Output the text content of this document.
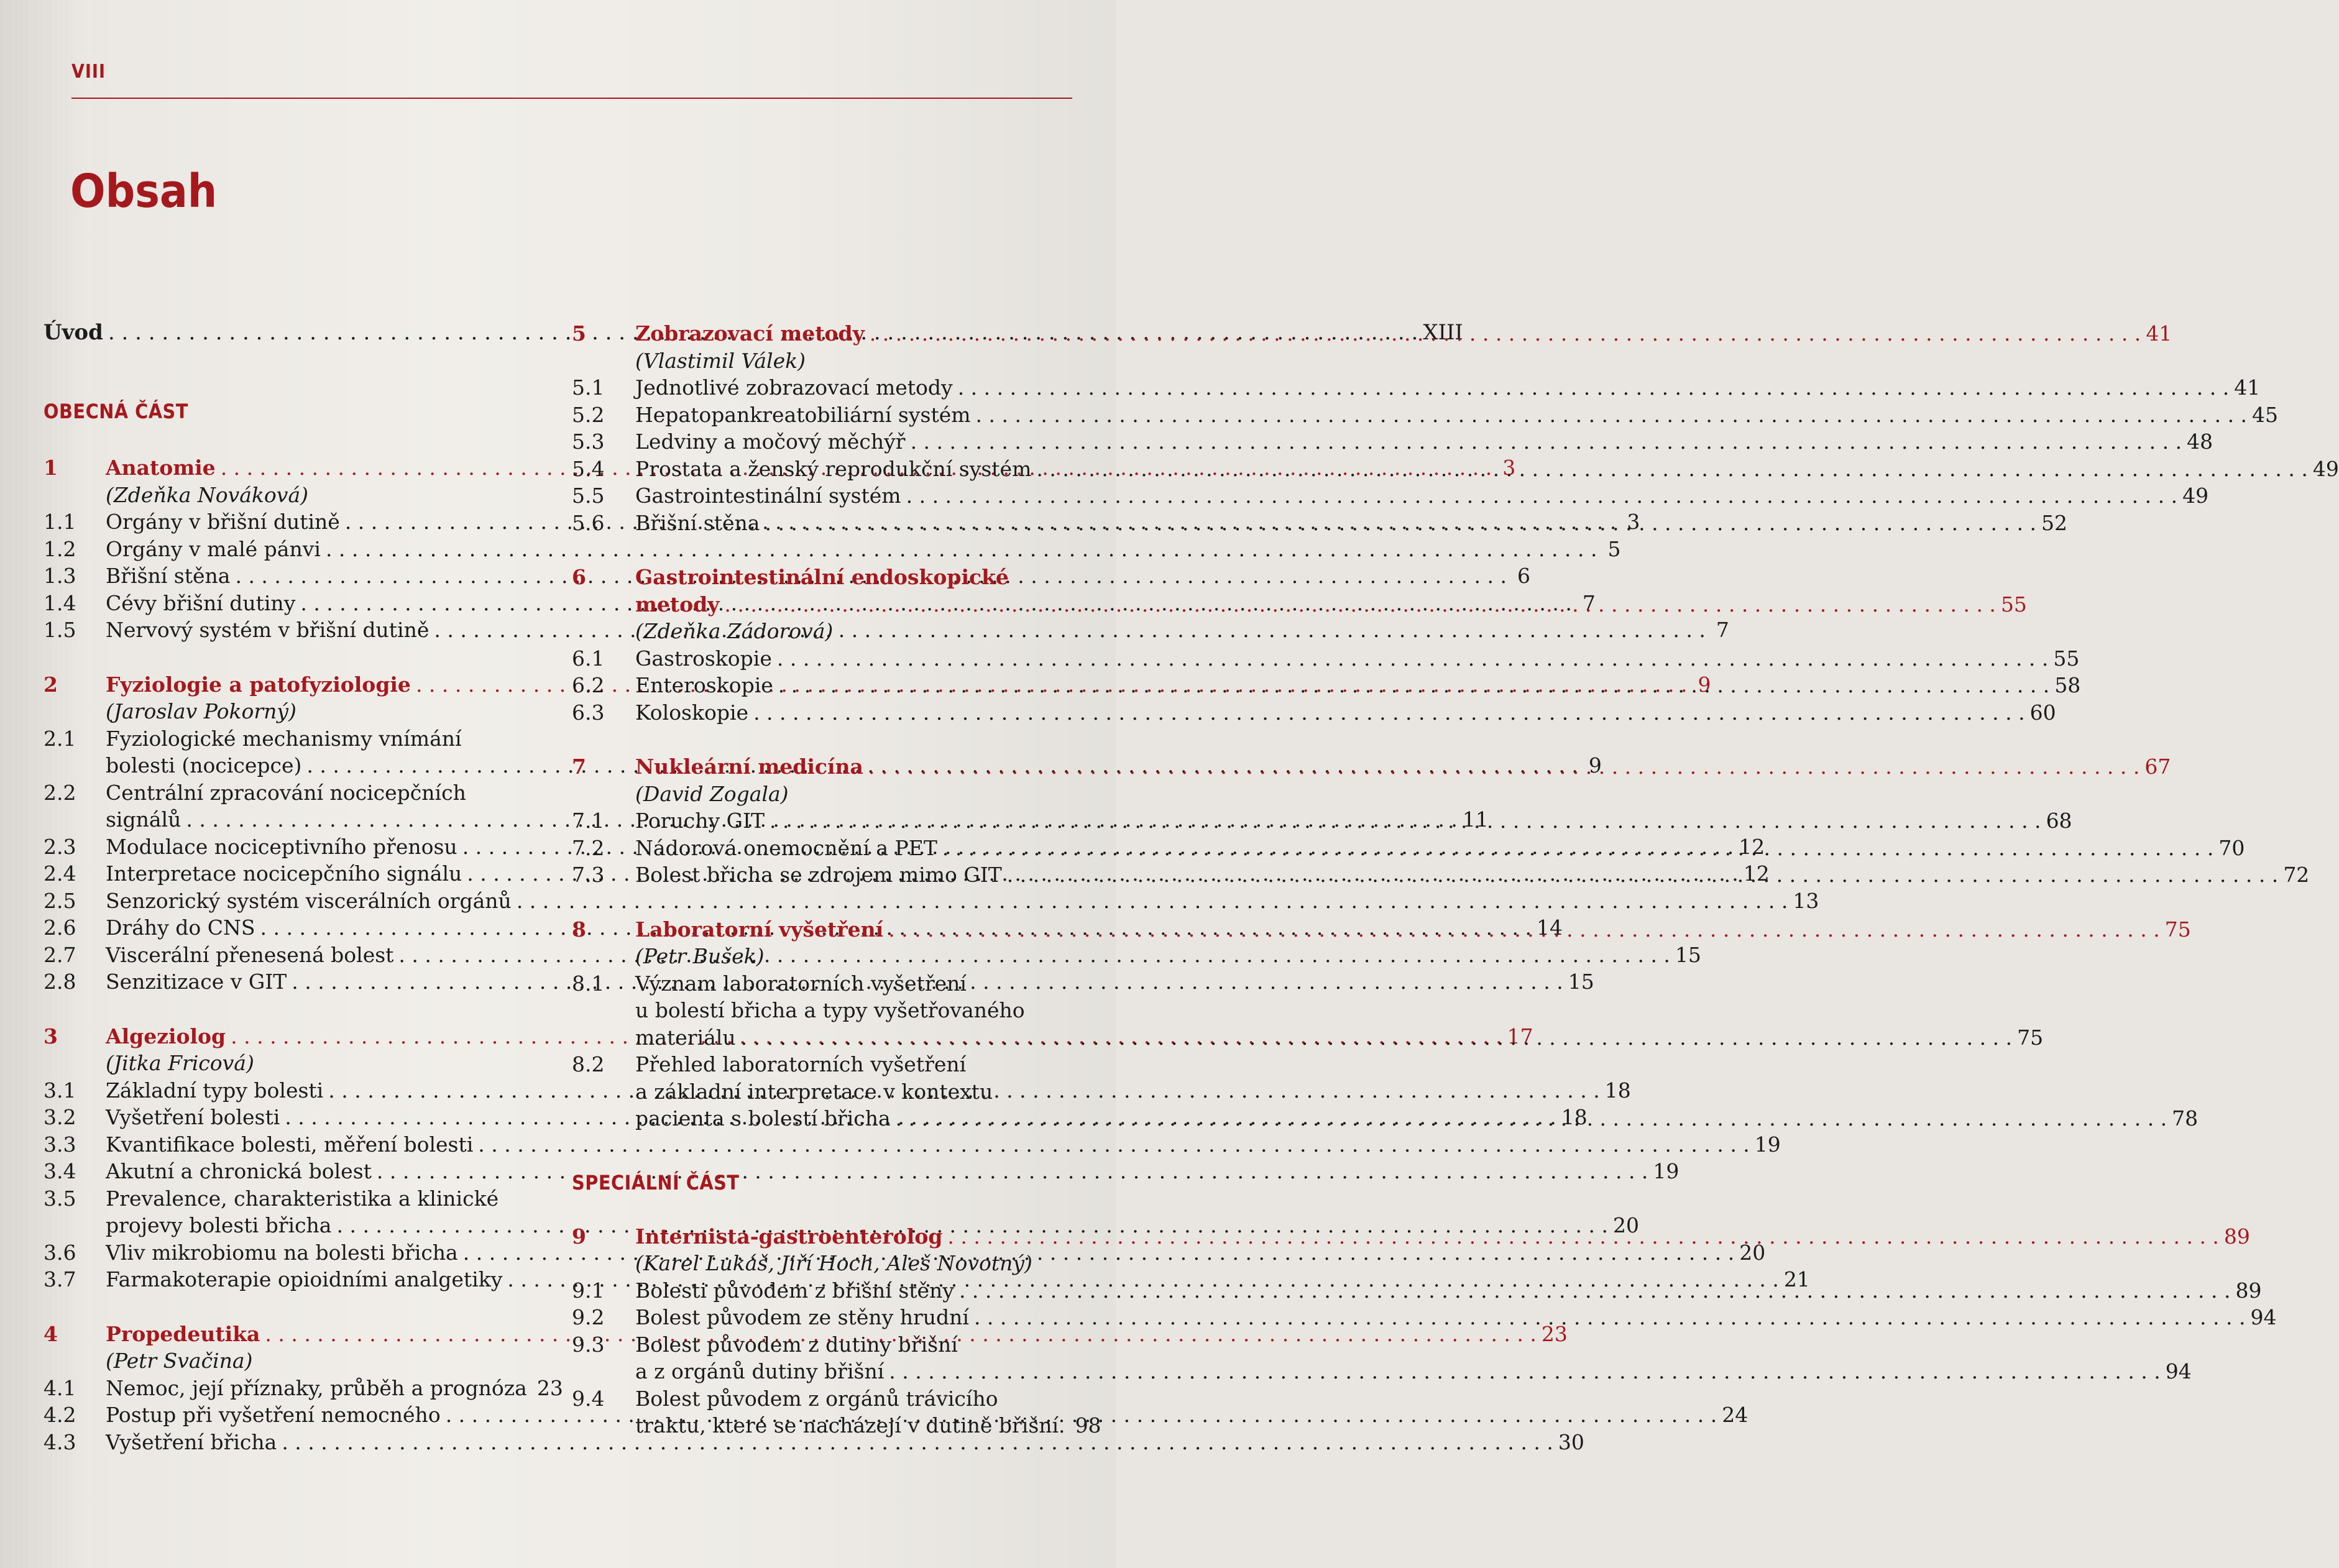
VIII
Obsah
Úvod . . .	XIII
OBECNÁ ČÁST
1	Anatomie . . .	3
(Zdeňka Nováková)
1.1	Orgány v břišní dutině . . .	3
1.2	Orgány v malé pánvi . . .	5
1.3	Břišní stěna . . .	6
1.4	Cévy břišní dutiny . . .	7
1.5	Nervový systém v břišní dutině . . .	7
2	Fyziologie a patofyziologie . . .	9
(Jaroslav Pokorný)
2.1	Fyziologické mechanismy vnímání
bolesti (nocicepce) . . .	9
2.2	Centrální zpracování nocicepčních
signálů . . .	11
2.3	Modulace nociceptivního přenosu . . .	12
2.4	Interpretace nocicepčního signálu . . .	12
2.5	Senzorický systém viscerálních orgánů . . .	13
2.6	Dráhy do CNS . . .	14
2.7	Viscerální přenesená bolest . . .	15
2.8	Senzitizace v GIT . . .	15
3	Algeziolog . . .	17
(Jitka Fricová)
3.1	Základní typy bolesti . . .	18
3.2	Vyšetření bolesti . . .	18
3.3	Kvantifikace bolesti, měření bolesti . . .	19
3.4	Akutní a chronická bolest . . .	19
3.5	Prevalence, charakteristika a klinické
projevy bolesti břicha . . .	20
3.6	Vliv mikrobiomu na bolesti břicha . . .	20
3.7	Farmakoterapie opioidními analgetiky . . .	21
4	Propedeutika . . .	23
(Petr Svačina)
4.1	Nemoc, její příznaky, průběh a prognóza 23
4.2	Postup při vyšetření nemocného . . .	24
4.3	Vyšetření břicha . . .	30
5	Zobrazovací metody . . .	41
(Vlastimil Válek)
5.1	Jednotlivé zobrazovací metody . . .	41
5.2	Hepatopankreatobiliární systém . . .	45
5.3	Ledviny a močový měchýř . . .	48
5.4	Prostata a ženský reprodukční systém . . .	49
5.5	Gastrointestinální systém . . .	49
5.6	Břišní stěna . . .	52
6	Gastrointestinální endoskopické
metody . . .	55
(Zdeňka Zádorová)
6.1	Gastroskopie . . .	55
6.2	Enteroskopie . . .	58
6.3	Koloskopie . . .	60
7	Nukleární medicína . . .	67
(David Zogala)
7.1	Poruchy GIT . . .	68
7.2	Nádorová onemocnění a PET . . .	70
7.3	Bolest břicha se zdrojem mimo GIT . . .	72
8	Laboratorní vyšetření . . .	75
(Petr Bušek)
8.1	Význam laboratorních vyšetření
u bolestí břicha a typy vyšetřovaného
materiálu . . .	75
8.2	Přehled laboratorních vyšetření
a základní interpretace v kontextu
pacienta s bolestí břicha . . .	78
SPECIÁLNÍ ČÁST
9	Internista-gastroenterolog . . .	89
(Karel Lukáš, Jiří Hoch, Aleš Novotný)
9.1	Bolesti původem z břišní stěny . . .	89
9.2	Bolest původem ze stěny hrudní . . .	94
9.3	Bolest původem z dutiny břišní
a z orgánů dutiny břišní . . .	94
9.4	Bolest původem z orgánů trávicího
traktu, které se nacházejí v dutině břišní. 98
